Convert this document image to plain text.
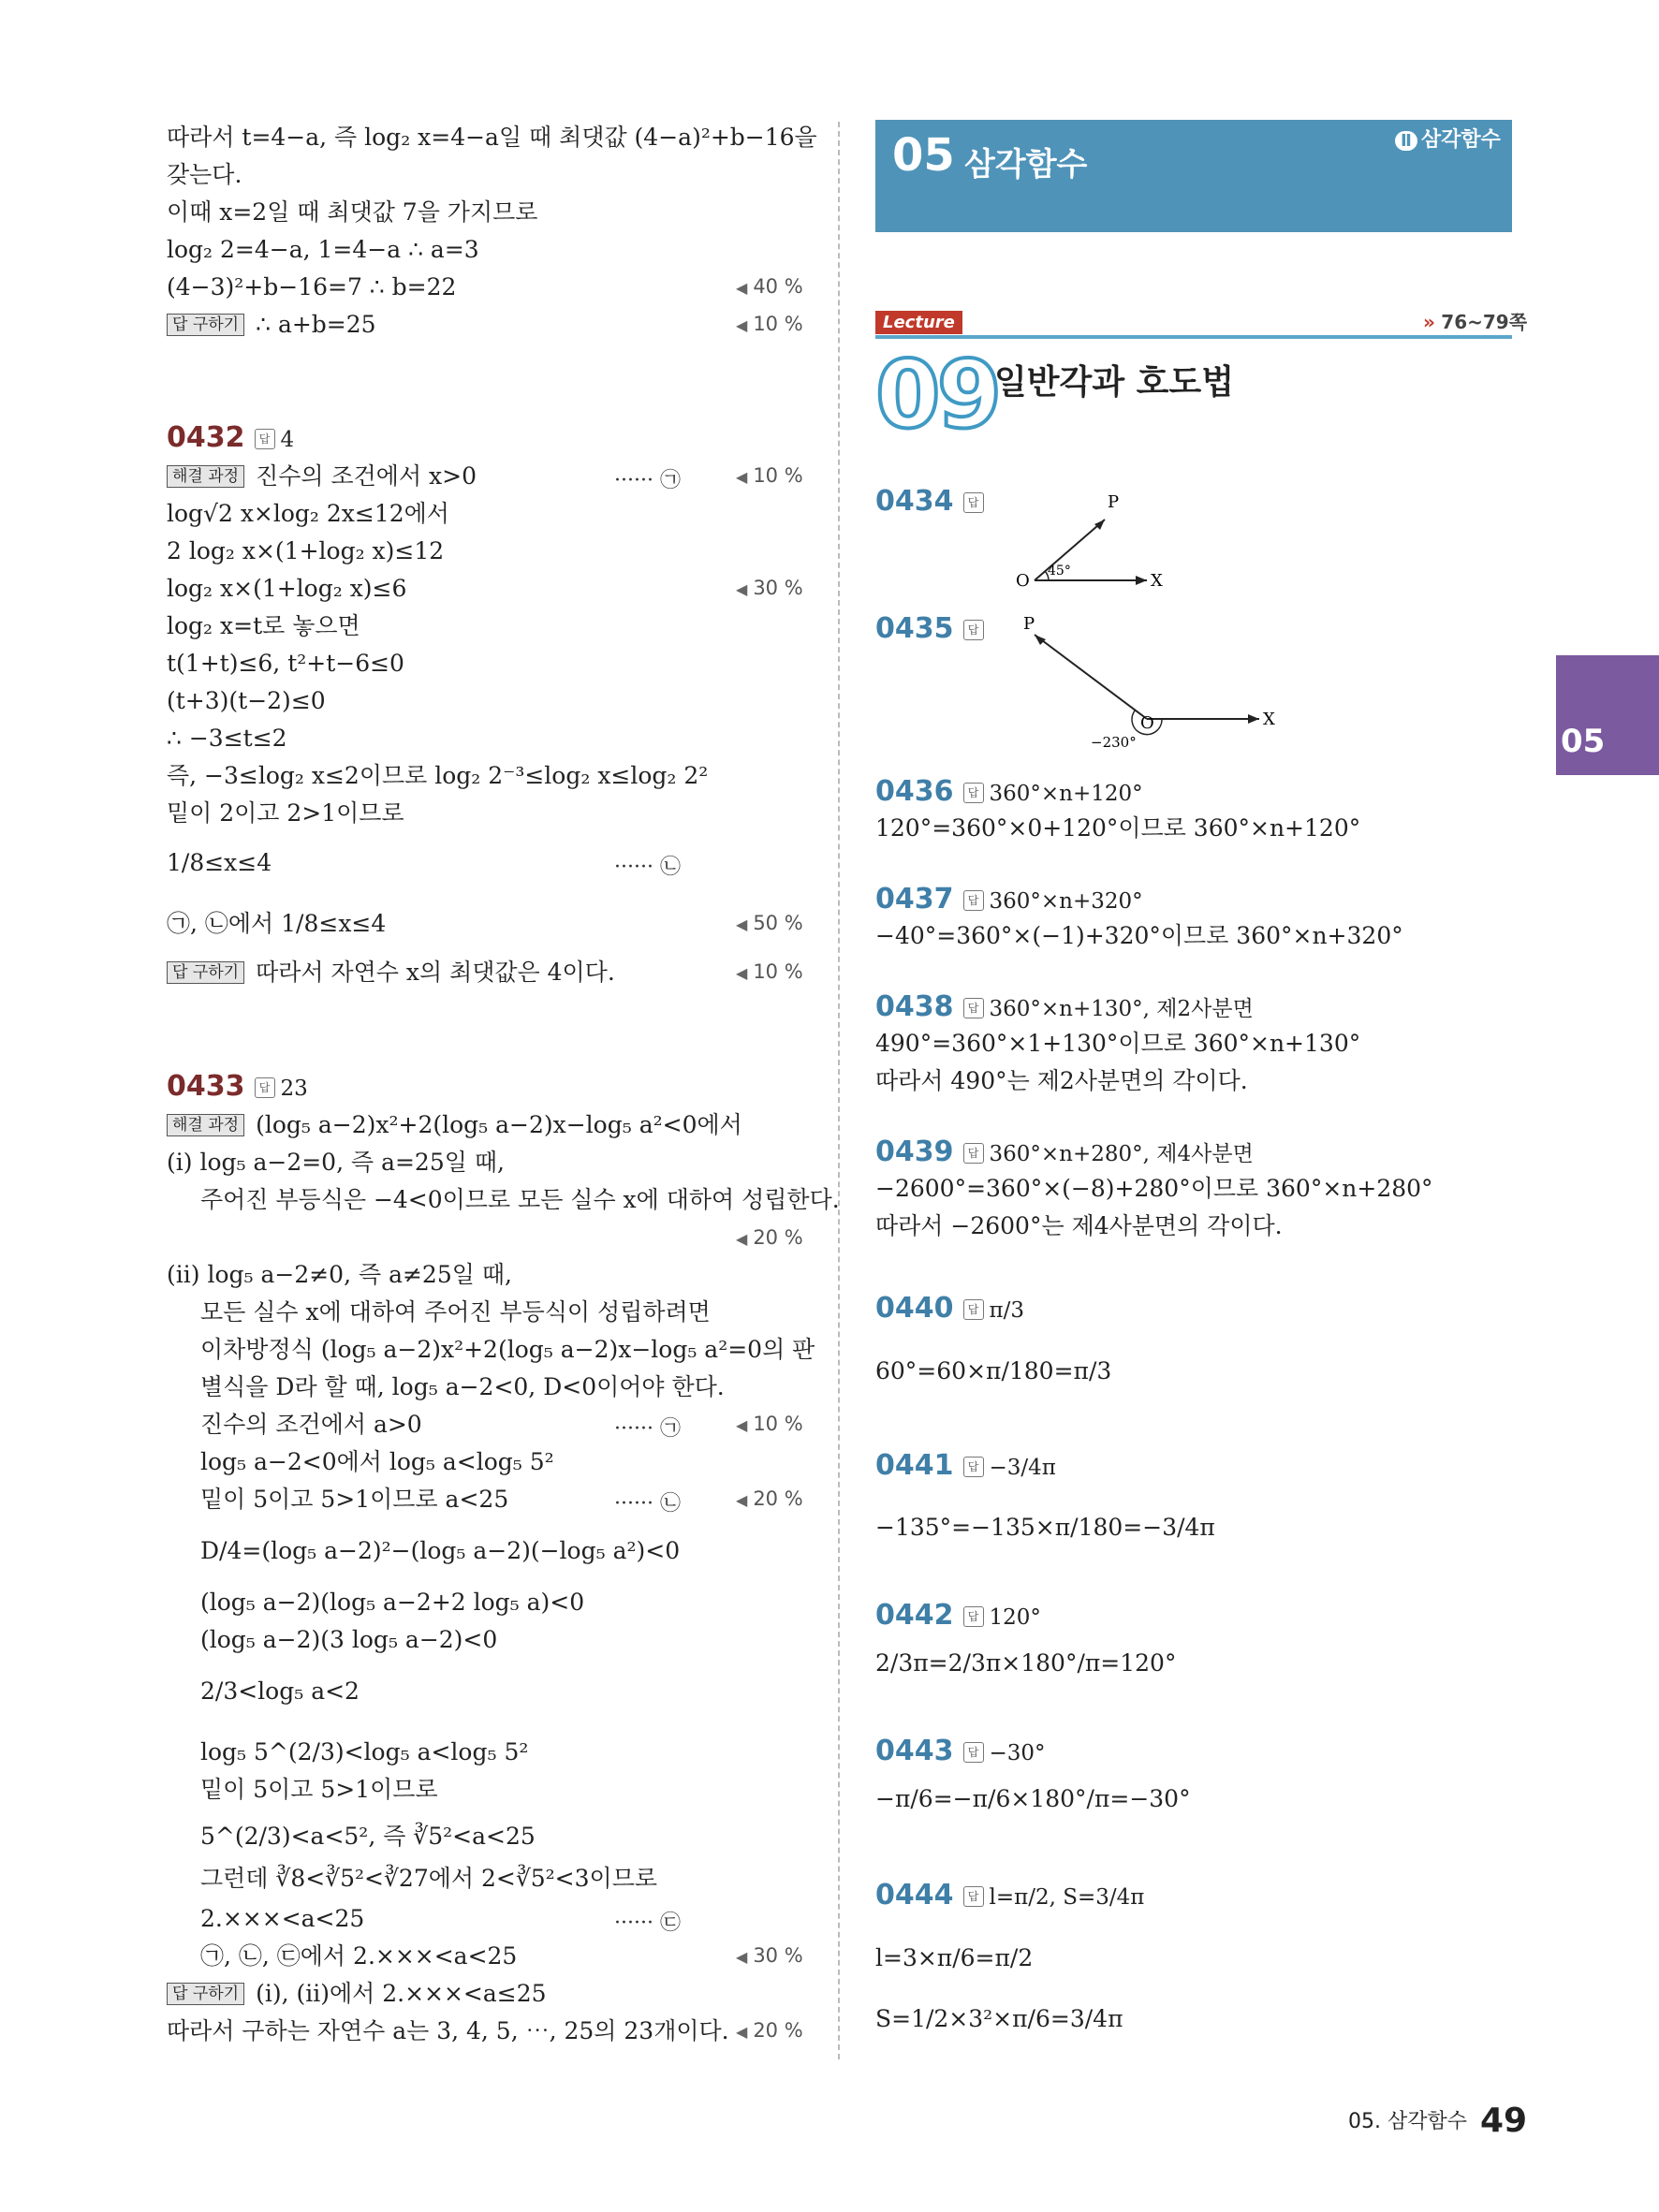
따라서 t=4−a, 즉 log₂ x=4−a일 때 최댓값 (4−a)²+b−16을
갖는다.
이때 x=2일 때 최댓값 7을 가지므로
log₂ 2=4−a, 1=4−a ∴ a=3
(4−3)²+b−16=7 ∴ b=22	◀ 40 %
답 구하기 ∴ a+b=25	◀ 10 %
0432 답 4
해결 과정 진수의 조건에서 x>0	······ ㉠	◀ 10 %
log√2 x×log₂ 2x≤12에서
2 log₂ x×(1+log₂ x)≤12
log₂ x×(1+log₂ x)≤6	◀ 30 %
log₂ x=t로 놓으면
t(1+t)≤6, t²+t−6≤0
(t+3)(t−2)≤0
∴ −3≤t≤2
즉, −3≤log₂ x≤2이므로 log₂ 2⁻³≤log₂ x≤log₂ 2²
밑이 2이고 2>1이므로
1/8≤x≤4	······ ㉡
㉠, ㉡에서 1/8≤x≤4	◀ 50 %
답 구하기 따라서 자연수 x의 최댓값은 4이다.	◀ 10 %
0433 답 23
해결 과정 (log₅ a−2)x²+2(log₅ a−2)x−log₅ a²<0에서
(ⅰ) log₅ a−2=0, 즉 a=25일 때,
주어진 부등식은 −4<0이므로 모든 실수 x에 대하여 성립한다.
◀ 20 %
(ⅱ) log₅ a−2≠0, 즉 a≠25일 때,
모든 실수 x에 대하여 주어진 부등식이 성립하려면
이차방정식 (log₅ a−2)x²+2(log₅ a−2)x−log₅ a²=0의 판
별식을 D라 할 때, log₅ a−2<0, D<0이어야 한다.
진수의 조건에서 a>0	······ ㉠	◀ 10 %
log₅ a−2<0에서 log₅ a<log₅ 5²
밑이 5이고 5>1이므로 a<25	······ ㉡	◀ 20 %
D/4=(log₅ a−2)²−(log₅ a−2)(−log₅ a²)<0
(log₅ a−2)(log₅ a−2+2 log₅ a)<0
(log₅ a−2)(3 log₅ a−2)<0
2/3<log₅ a<2
log₅ 5^(2/3)<log₅ a<log₅ 5²
밑이 5이고 5>1이므로
5^(2/3)<a<5², 즉 ∛5²<a<25
그런데 ∛8<∛5²<∛27에서 2<∛5²<3이므로
2.×××<a<25	······ ㉢
㉠, ㉡, ㉢에서 2.×××<a<25	◀ 30 %
답 구하기 (ⅰ), (ⅱ)에서 2.×××<a≤25
따라서 구하는 자연수 a는 3, 4, 5, ⋯, 25의 23개이다. ◀ 20 %
05 삼각함수
Ⅱ 삼각함수
Lecture	» 76~79쪽
09
일반각과 호도법
0434 답	P
O	X
45°
0435 답	P
O	X
−230°
0436 답 360°×n+120°
120°=360°×0+120°이므로 360°×n+120°
0437 답 360°×n+320°
−40°=360°×(−1)+320°이므로 360°×n+320°
0438 답 360°×n+130°, 제2사분면
490°=360°×1+130°이므로 360°×n+130°
따라서 490°는 제2사분면의 각이다.
0439 답 360°×n+280°, 제4사분면
−2600°=360°×(−8)+280°이므로 360°×n+280°
따라서 −2600°는 제4사분면의 각이다.
0440 답 π/3
60°=60×π/180=π/3
0441 답 −3/4π
−135°=−135×π/180=−3/4π
0442 답 120°
2/3π=2/3π×180°/π=120°
0443 답 −30°
−π/6=−π/6×180°/π=−30°
0444 답 l=π/2, S=3/4π
l=3×π/6=π/2
S=1/2×3²×π/6=3/4π
05
05. 삼각함수 49
